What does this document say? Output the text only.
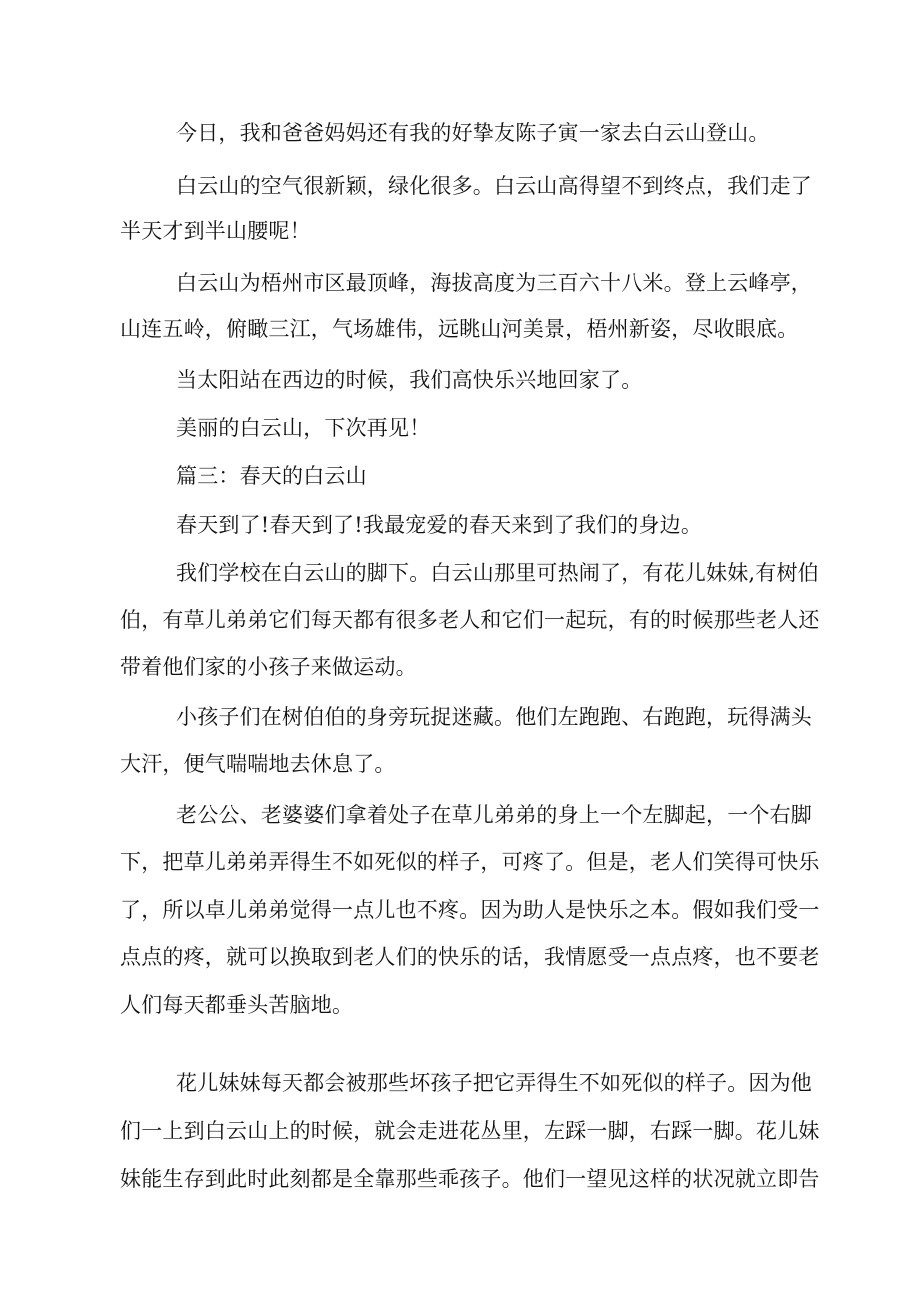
今日，我和爸爸妈妈还有我的好挚友陈子寅一家去白云山登山。
白云山的空气很新颖，绿化很多。白云山高得望不到终点，我们走了
半天才到半山腰呢！
白云山为梧州市区最顶峰，海拔高度为三百六十八米。登上云峰亭，
山连五岭，俯瞰三江，气场雄伟，远眺山河美景，梧州新姿，尽收眼底。
当太阳站在西边的时候，我们高快乐兴地回家了。
美丽的白云山，下次再见！
篇三：春天的白云山
春天到了!春天到了!我最宠爱的春天来到了我们的身边。
我们学校在白云山的脚下。白云山那里可热闹了，有花儿妹妹,有树伯
伯，有草儿弟弟它们每天都有很多老人和它们一起玩，有的时候那些老人还
带着他们家的小孩子来做运动。
小孩子们在树伯伯的身旁玩捉迷藏。他们左跑跑、右跑跑，玩得满头
大汗，便气喘喘地去休息了。
老公公、老婆婆们拿着处子在草儿弟弟的身上一个左脚起，一个右脚
下，把草儿弟弟弄得生不如死似的样子，可疼了。但是，老人们笑得可快乐
了，所以卓儿弟弟觉得一点儿也不疼。因为助人是快乐之本。假如我们受一
点点的疼，就可以换取到老人们的快乐的话，我情愿受一点点疼，也不要老
人们每天都垂头苦脑地。
花儿妹妹每天都会被那些坏孩子把它弄得生不如死似的样子。因为他
们一上到白云山上的时候，就会走进花丛里，左踩一脚，右踩一脚。花儿妹
妹能生存到此时此刻都是全靠那些乖孩子。他们一望见这样的状况就立即告
